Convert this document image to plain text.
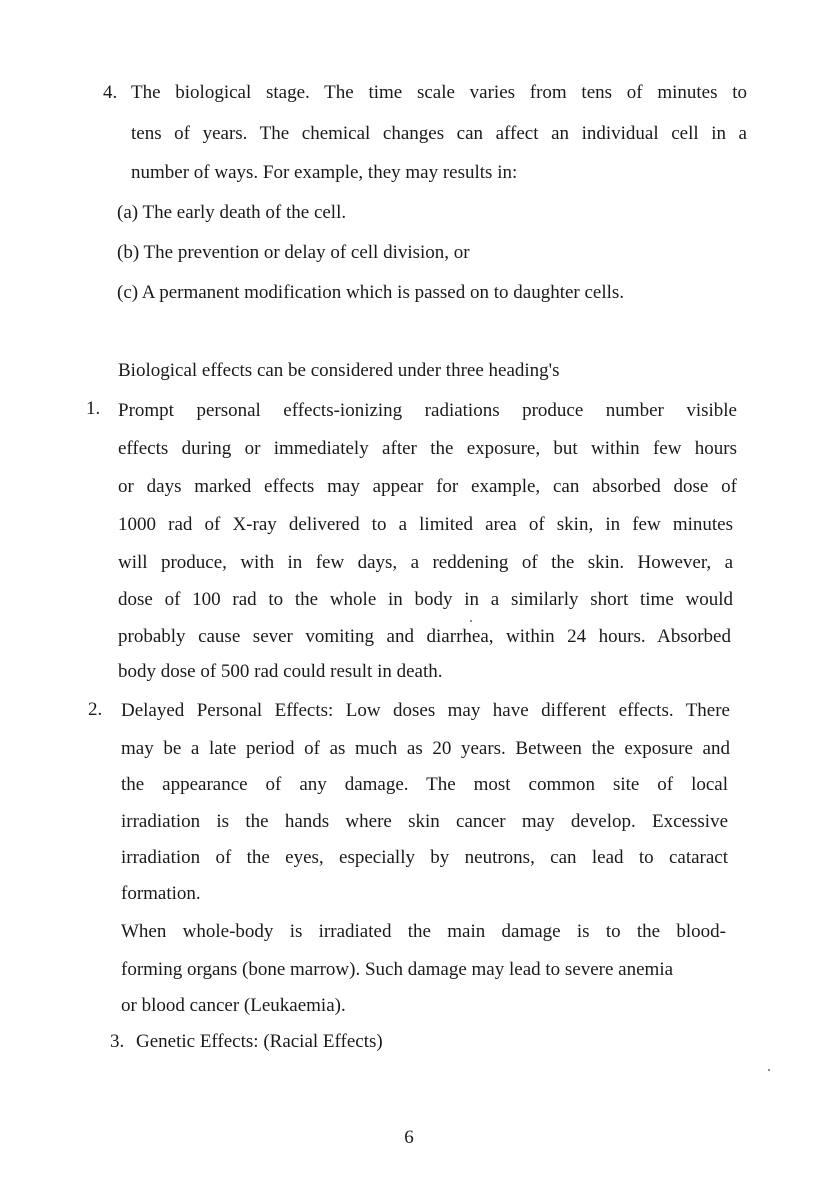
4. The biological stage. The time scale varies from tens of minutes to
tens of years. The chemical changes can affect an individual cell in a
number of ways. For example, they may results in:
(a) The early death of the cell.
(b) The prevention or delay of cell division, or
(c) A permanent modification which is passed on to daughter cells.
Biological effects can be considered under three heading's
1. Prompt personal effects-ionizing radiations produce number visible
effects during or immediately after the exposure, but within few hours
or days marked effects may appear for example, can absorbed dose of
1000 rad of X-ray delivered to a limited area of skin, in few minutes
will produce, with in few days, a reddening of the skin. However, a
dose of 100 rad to the whole in body in a similarly short time would
probably cause sever vomiting and diarrhea, within 24 hours. Absorbed
body dose of 500 rad could result in death.
2. Delayed Personal Effects: Low doses may have different effects. There
may be a late period of as much as 20 years. Between the exposure and
the appearance of any damage. The most common site of local
irradiation is the hands where skin cancer may develop. Excessive
irradiation of the eyes, especially by neutrons, can lead to cataract
formation.
When whole-body is irradiated the main damage is to the blood-
forming organs (bone marrow). Such damage may lead to severe anemia
or blood cancer (Leukaemia).
3. Genetic Effects: (Racial Effects)
6
